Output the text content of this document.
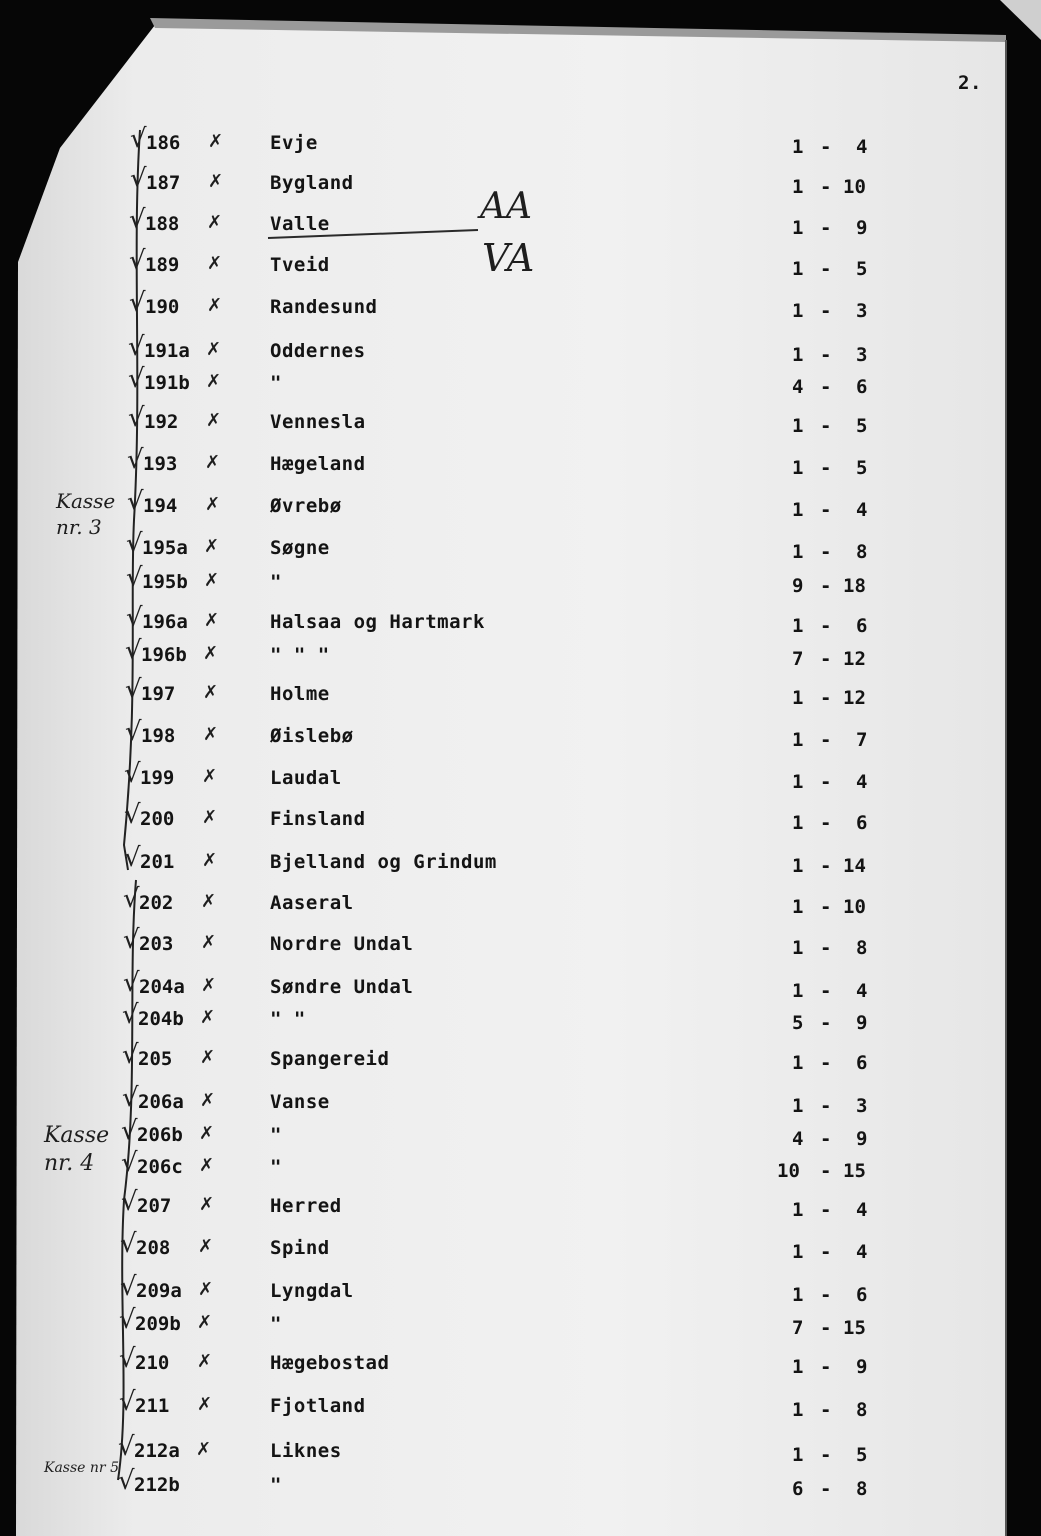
2.
AA
VA
Kasse nr. 3
Kasse nr. 4
Kasse nr 5
√ 186 ✗ Evje	1 - 4
√ 187 ✗ Bygland	1 - 10
√ 188 ✗	Valle	1 - 9
√ 189 ✗	Tveid	1 - 5
√ 190 ✗	Randesund	1 - 3
√ 191a ✗	Oddernes	1 - 3
√ 191b ✗	"	4 - 6
√ 192 ✗	Vennesla	1 - 5
√ 193 ✗	Hægeland	1 - 5
√ 194 ✗	Øvrebø	1 - 4
√ 195a ✗	Søgne	1 - 8
√ 195b ✗	"	9 - 18
√ 196a ✗	Halsaa og Hartmark	1 - 6
√ 196b ✗	" " "	7 - 12
√ 197 ✗	Holme	1 - 12
√ 198 ✗	Øislebø	1 - 7
√ 199 ✗	Laudal	1 - 4
√ 200 ✗	Finsland	1 - 6
√ 201 ✗	Bjelland og Grindum	1 - 14
√ 202 ✗	Aaseral	1 - 10
√ 203 ✗	Nordre Undal	1 - 8
√ 204a ✗	Søndre Undal	1 - 4
√ 204b ✗	" "	5 - 9
√ 205 ✗	Spangereid	1 - 6
√ 206a ✗	Vanse	1 - 3
√ 206b ✗	"	4 - 9
√ 206c ✗	"	10 - 15
√ 207 ✗	Herred	1 - 4
√ 208 ✗	Spind	1 - 4
√ 209a ✗	Lyngdal	1 - 6
√ 209b ✗	"	7 - 15
√ 210 ✗	Hægebostad	1 - 9
√ 211 ✗	Fjotland	1 - 8
√ 212a ✗	Liknes	1 - 5
√ 212b	"	6 - 8
